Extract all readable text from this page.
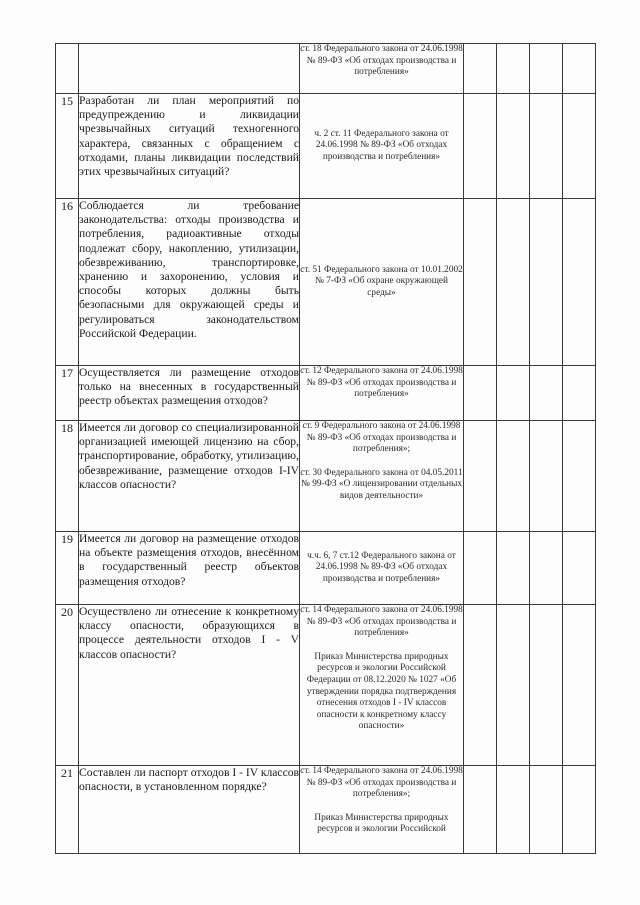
		ст. 18 Федерального закона от 24.06.1998 № 89-ФЗ «Об отходах производства и потребления»				

15	Разработан ли план мероприятий по предупреждению и ликвидации чрезвычайных ситуаций техногенного характера, связанных с обращением с отходами, планы ликвидации последствий этих чрезвычайных ситуаций?	ч. 2 ст. 11 Федерального закона от 24.06.1998 № 89-ФЗ «Об отходах производства и потребления»				

16	Соблюдается ли требование законодательства: отходы производства и потребления, радиоактивные отходы подлежат сбору, накоплению, утилизации, обезвреживанию, транспортировке, хранению и захоронению, условия и способы которых должны быть безопасными для окружающей среды и регулироваться законодательством Российской Федерации.	ст. 51 Федерального закона от 10.01.2002 № 7-ФЗ «Об охране окружающей среды»				

17	Осуществляется ли размещение отходов только на внесенных в государственный реестр объектах размещения отходов?	ст. 12 Федерального закона от 24.06.1998 № 89-ФЗ «Об отходах производства и потребления»				

18	Имеется ли договор со специализированной организацией имеющей лицензию на сбор, транспортирование, обработку, утилизацию, обезвреживание, размещение отходов I-IV классов опасности?	ст. 9 Федерального закона от 24.06.1998 № 89-ФЗ «Об отходах производства и потребления»;
ст. 30 Федерального закона от 04.05.2011 № 99-ФЗ «О лицензировании отдельных видов деятельности»				

19	Имеется ли договор на размещение отходов на объекте размещения отходов, внесённом в государственный реестр объектов размещения отходов?	ч.ч. 6, 7 ст.12 Федерального закона от 24.06.1998 № 89-ФЗ «Об отходах производства и потребления»				

20	Осуществлено ли отнесение к конкретному классу опасности, образующихся в процессе деятельности отходов I - V классов опасности?	ст. 14 Федерального закона от 24.06.1998 № 89-ФЗ «Об отходах производства и потребления»
Приказ Министерства природных ресурсов и экологии Российской Федерации от 08.12.2020 № 1027 «Об утверждении порядка подтверждения отнесения отходов I - IV классов опасности к конкретному классу опасности»				

21	Составлен ли паспорт отходов I - IV классов опасности, в установленном порядке?	ст. 14 Федерального закона от 24.06.1998 № 89-ФЗ «Об отходах производства и потребления»;
Приказ Министерства природных ресурсов и экологии Российской				
